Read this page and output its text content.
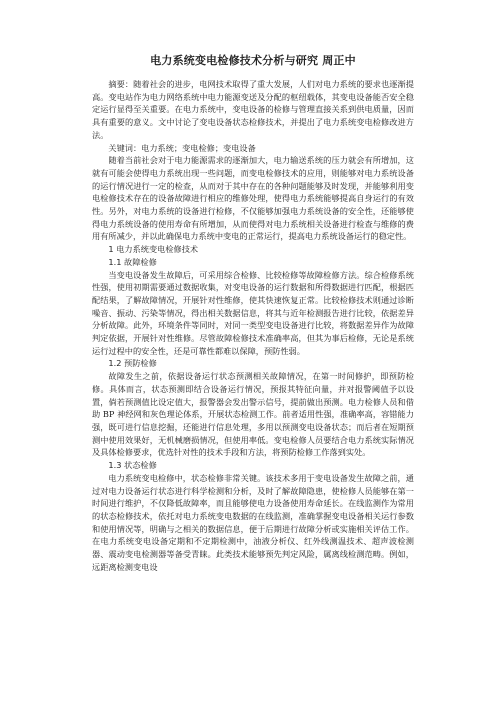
电力系统变电检修技术分析与研究 周正中

摘要：随着社会的进步，电网技术取得了重大发展，人们对电力系统的要求也逐渐提高。变电站作为电力网络系统中电力能源变送及分配的枢纽载体，其变电设备能否安全稳定运行显得至关重要。在电力系统中，变电设备的检修与管理直接关系到供电质量，因而具有重要的意义。文中讨论了变电设备状态检修技术，并提出了电力系统变电检修改进方法。

关键词：电力系统；变电检修；变电设备

随着当前社会对于电力能源需求的逐渐加大，电力输送系统的压力就会有所增加，这就有可能会使得电力系统出现一些问题，而变电检修技术的应用，则能够对电力系统设备的运行情况进行一定的检查，从而对于其中存在的各种问题能够及时发现，并能够利用变电检修技术存在的设备故障进行相应的维修处理，使得电力系统能够提高自身运行的有效性。另外，对电力系统的设备进行检修，不仅能够加强电力系统设备的安全性，还能够使得电力系统设备的使用寿命有所增加，从而使得对电力系统相关设备进行检查与维修的费用有所减少，并以此确保电力系统中变电的正常运行，提高电力系统设备运行的稳定性。

1 电力系统变电检修技术
1.1 故障检修

当变电设备发生故障后，可采用综合检修、比较检修等故障检修方法。综合检修系统性强，使用初期需要通过数据收集，对变电设备的运行数据和所得数据进行匹配，根据匹配结果，了解故障情况，开展针对性维修，使其快速恢复正常。比较检修技术则通过诊断噪音、振动、污染等情况，得出相关数据信息，将其与近年检测报告进行比较，依据差异分析故障。此外，环境条件等同时，对同一类型变电设备进行比较，将数据差异作为故障判定依据，开展针对性维修。尽管故障检修技术准确率高，但其为事后检修，无论是系统运行过程中的安全性，还是可靠性都难以保障，预防性弱。

1.2 预防检修

故障发生之前，依据设备运行状态预测相关故障情况，在第一时间修护，即预防检修。具体而言，状态预测即结合设备运行情况，预报其特征向量，并对报警阈值予以设置，倘若预测值比设定值大，报警器会发出警示信号，提前做出预测。电力检修人员和借助 BP 神经网和灰色理论体系，开展状态检测工作。前者适用性强，准确率高，容错能力强，既可进行信息挖掘，还能进行信息处理，多用以预测变电设备状态；而后者在短期预测中使用效果好，无机械磨损情况，但使用率低。变电检修人员要结合电力系统实际情况及具体检修要求，优选针对性的技术手段和方法，将预防检修工作落到实处。

1.3 状态检修

电力系统变电检修中，状态检修非常关键。该技术多用于变电设备发生故障之前，通过对电力设备运行状态进行科学检测和分析，及时了解故障隐患，使检修人员能够在第一时间进行维护，不仅降低故障率，而且能够使电力设备使用寿命延长。在线监测作为常用的状态检修技术，依托对电力系统变电数据的在线监测，准确掌握变电设备相关运行参数和使用情况等，明确与之相关的数据信息，便于后期进行故障分析或实施相关评估工作。在电力系统变电设备定期和不定期检测中，油液分析仪、红外线测温技术、超声波检测器、震动变电检测器等备受青睐。此类技术能够预先判定风险，属离线检测范畴。例如，远距离检测变电设
